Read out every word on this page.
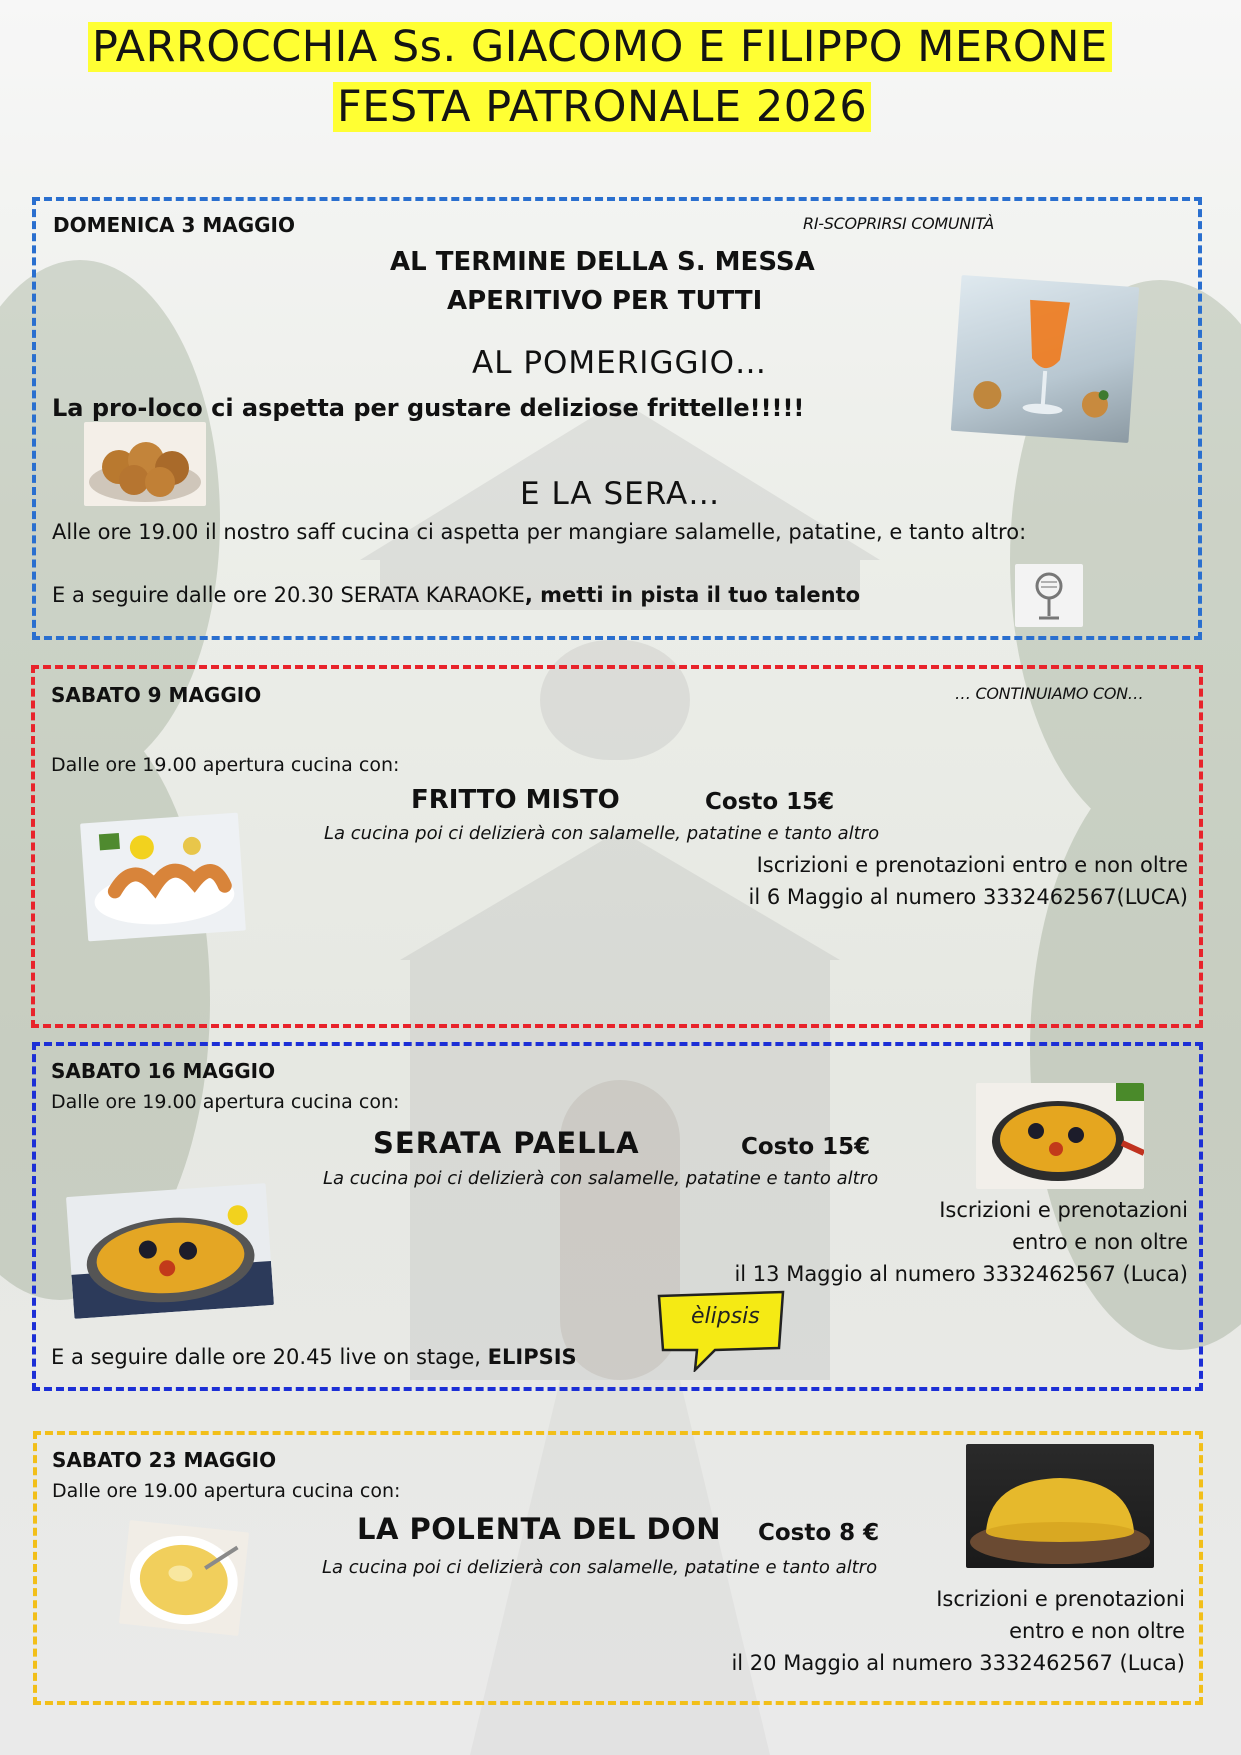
PARROCCHIA Ss. GIACOMO E FILIPPO MERONE
FESTA PATRONALE 2026
DOMENICA 3 MAGGIO	RI-SCOPRIRSI COMUNITÀ
AL TERMINE DELLA S. MESSA
APERITIVO PER TUTTI
AL POMERIGGIO…
La pro-loco ci aspetta per gustare deliziose frittelle!!!!!
E LA SERA…
Alle ore 19.00 il nostro saff cucina ci aspetta per mangiare salamelle, patatine, e tanto altro:
E a seguire dalle ore 20.30 SERATA KARAOKE, metti in pista il tuo talento
SABATO 9 MAGGIO	… CONTINUIAMO CON…
Dalle ore 19.00 apertura cucina con:
FRITTO MISTO	Costo 15€
La cucina poi ci delizierà con salamelle, patatine e tanto altro
Iscrizioni e prenotazioni entro e non oltre
il 6 Maggio al numero 3332462567(LUCA)
SABATO 16 MAGGIO
Dalle ore 19.00 apertura cucina con:
SERATA PAELLA	Costo 15€
La cucina poi ci delizierà con salamelle, patatine e tanto altro
Iscrizioni e prenotazioni
entro e non oltre
il 13 Maggio al numero 3332462567 (Luca)
E a seguire dalle ore 20.45 live on stage, ELIPSIS
èlipsis
SABATO 23 MAGGIO
Dalle ore 19.00 apertura cucina con:
LA POLENTA DEL DON Costo 8 €
La cucina poi ci delizierà con salamelle, patatine e tanto altro
Iscrizioni e prenotazioni
entro e non oltre
il 20 Maggio al numero 3332462567 (Luca)
